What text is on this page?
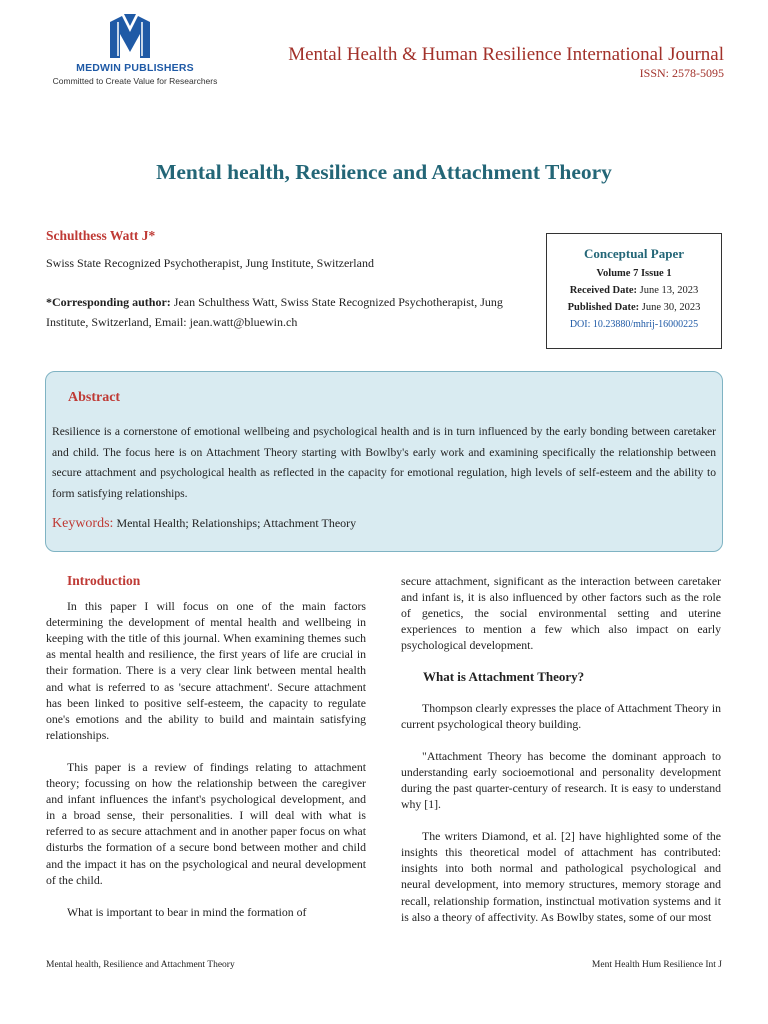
MEDWIN PUBLISHERS
Committed to Create Value for Researchers
Mental Health & Human Resilience International Journal
ISSN: 2578-5095
Mental health, Resilience and Attachment Theory
Schulthess Watt J*
Swiss State Recognized Psychotherapist, Jung Institute, Switzerland
*Corresponding author: Jean Schulthess Watt, Swiss State Recognized Psychotherapist, Jung Institute, Switzerland, Email: jean.watt@bluewin.ch
Conceptual Paper
Volume 7 Issue 1
Received Date: June 13, 2023
Published Date: June 30, 2023
DOI: 10.23880/mhrij-16000225
Abstract
Resilience is a cornerstone of emotional wellbeing and psychological health and is in turn influenced by the early bonding between caretaker and child. The focus here is on Attachment Theory starting with Bowlby's early work and examining specifically the relationship between secure attachment and psychological health as reflected in the capacity for emotional regulation, high levels of self-esteem and the ability to form satisfying relationships.
Keywords: Mental Health; Relationships; Attachment Theory
Introduction

In this paper I will focus on one of the main factors determining the development of mental health and wellbeing in keeping with the title of this journal. When examining themes such as mental health and resilience, the first years of life are crucial in their formation. There is a very clear link between mental health and what is referred to as 'secure attachment'. Secure attachment has been linked to positive self-esteem, the capacity to regulate one's emotions and the ability to build and maintain satisfying relationships.

This paper is a review of findings relating to attachment theory; focussing on how the relationship between the caregiver and infant influences the infant's psychological development, and in a broad sense, their personalities. I will deal with what is referred to as secure attachment and in another paper focus on what disturbs the formation of a secure bond between mother and child and the impact it has on the psychological and neural development of the child.

What is important to bear in mind the formation of

secure attachment, significant as the interaction between caretaker and infant is, it is also influenced by other factors such as the role of genetics, the social environmental setting and uterine experiences to mention a few which also impact on early psychological development.

What is Attachment Theory?

Thompson clearly expresses the place of Attachment Theory in current psychological theory building.

"Attachment Theory has become the dominant approach to understanding early socioemotional and personality development during the past quarter-century of research. It is easy to understand why [1].

The writers Diamond, et al. [2] have highlighted some of the insights this theoretical model of attachment has contributed: insights into both normal and pathological psychological and neural development, into memory structures, memory storage and recall, relationship formation, instinctual motivation systems and it is also a theory of affectivity. As Bowlby states, some of our most

Mental health, Resilience and Attachment Theory	Ment Health Hum Resilience Int J
